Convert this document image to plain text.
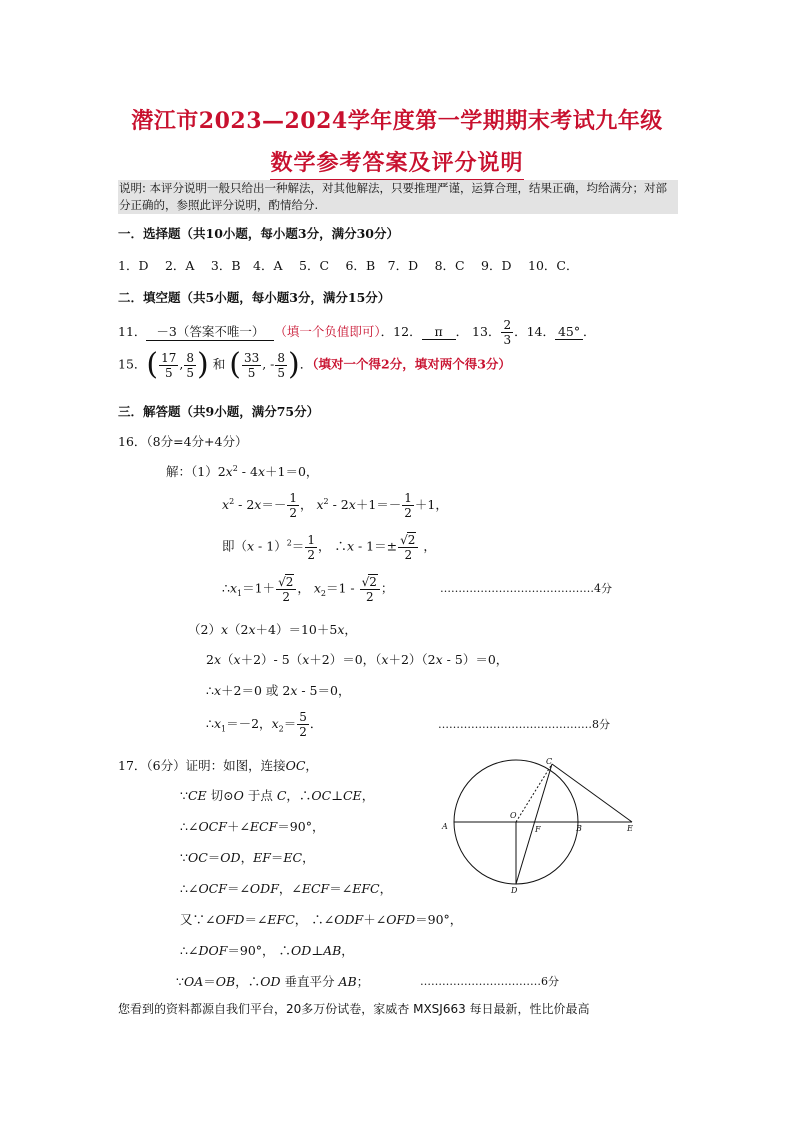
潜江市2023—2024学年度第一学期期末考试九年级
数学参考答案及评分说明
说明: 本评分说明一般只给出一种解法，对其他解法，只要推理严谨，运算合理，结果正确，均给满分；对部分正确的，参照此评分说明，酌情给分.
一．选择题（共10小题，每小题3分，满分30分）
1．D　 2．A　 3．B　4．A　 5．C　 6．B　7．D　 8．C　 9．D　 10．C．
二．填空题（共5小题，每小题3分，满分15分）
11． －3（答案不唯一） （填一个负值即可）．12． π ． 13． $\frac{2}{3}$ ．14． 45° ．
15．( $\frac{17}{5}$ , $\frac{8}{5}$ ) 和 ( $\frac{33}{5}$ , - $\frac{8}{5}$ )．（填对一个得2分，填对两个得3分）
三．解答题（共9小题，满分75分）
16．（8分=4分+4分）
解：$(1)2x^2 - 4x+1=0$，
$x^2 - 2x=- \frac{1}{2}$ ， $x^2 - 2x+1=- \frac{1}{2} +1$，
即$(x - 1)^2= \frac{1}{2}$ ， ∴x - $1=\pm \frac{√2}{2}$ ，
$\therefore x_1=1+ \frac{√2}{2}$ ， $x_2=1 - \frac{√2}{2}$ ；	……………………………………4分
（2）x（2x＋4）＝10＋5x，
2x（x＋2）- 5（x＋2）＝0，（x＋2）（2x - 5）＝0，
∴x＋2＝0 或 2x - 5＝0，
$\therefore x_1=-2$，$x_2= \frac{5}{2}$ ．	……………………………………8分
17．（6分）证明：如图，连接OC，
∵CE 切⊙O 于点 C，∴OC⊥CE，
∴∠OCF＋∠ECF＝90°，
∵OC＝OD，EF＝EC，
∴∠OCF＝∠ODF，∠ECF＝∠EFC，
又∵∠OFD＝∠EFC， ∴∠ODF＋∠OFD＝90°，
∴∠DOF＝90°， ∴OD⊥AB，
∵OA＝OB，∴OD 垂直平分 AB；	……………………………6分
A	B
C
D
E
F
O
您看到的资料都源自我们平台，20多万份试卷，家威杏 MXSJ663 每日最新，性比价最高
